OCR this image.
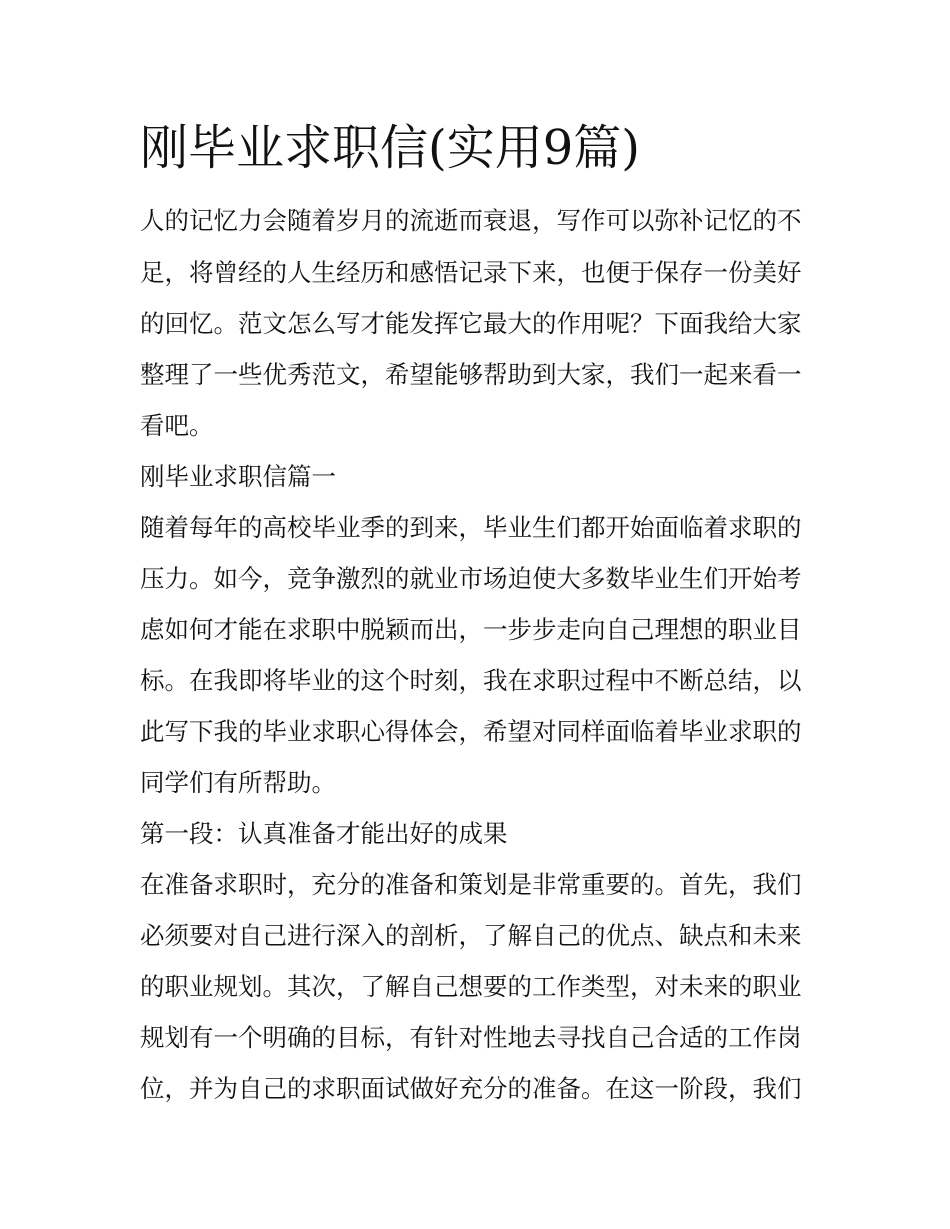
刚毕业求职信(实用9篇)

人的记忆力会随着岁月的流逝而衰退，写作可以弥补记忆的不

足，将曾经的人生经历和感悟记录下来，也便于保存一份美好

的回忆。范文怎么写才能发挥它最大的作用呢？下面我给大家

整理了一些优秀范文，希望能够帮助到大家，我们一起来看一

看吧。

刚毕业求职信篇一

随着每年的高校毕业季的到来，毕业生们都开始面临着求职的

压力。如今，竞争激烈的就业市场迫使大多数毕业生们开始考

虑如何才能在求职中脱颖而出，一步步走向自己理想的职业目

标。在我即将毕业的这个时刻，我在求职过程中不断总结，以

此写下我的毕业求职心得体会，希望对同样面临着毕业求职的

同学们有所帮助。

第一段：认真准备才能出好的成果

在准备求职时，充分的准备和策划是非常重要的。首先，我们

必须要对自己进行深入的剖析，了解自己的优点、缺点和未来

的职业规划。其次，了解自己想要的工作类型，对未来的职业

规划有一个明确的目标，有针对性地去寻找自己合适的工作岗

位，并为自己的求职面试做好充分的准备。在这一阶段，我们
